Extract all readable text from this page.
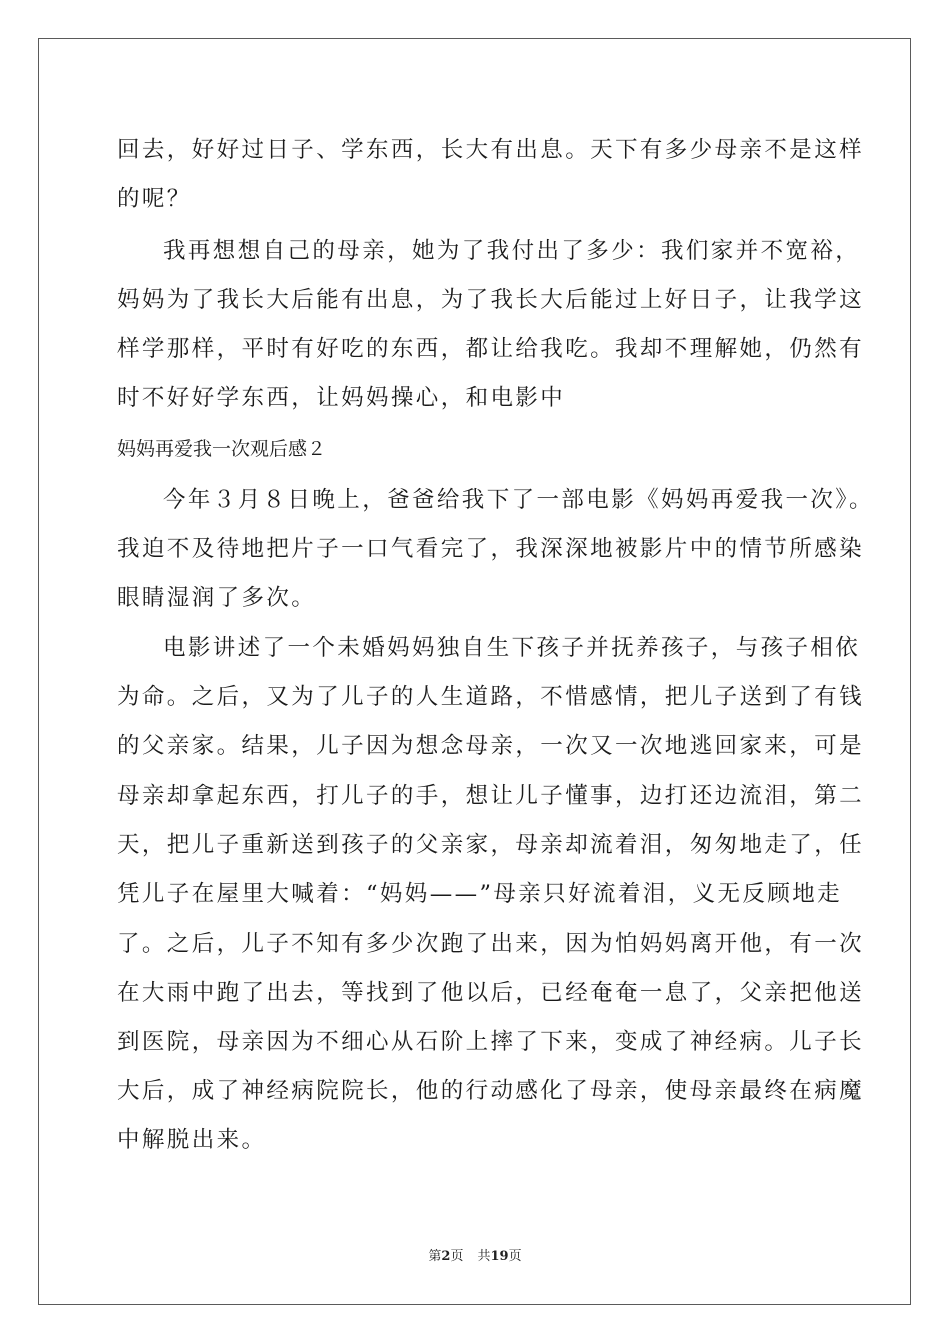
回去，好好过日子、学东西，长大有出息。天下有多少母亲不是这样
的呢？
我再想想自己的母亲，她为了我付出了多少：我们家并不宽裕，
妈妈为了我长大后能有出息，为了我长大后能过上好日子，让我学这
样学那样，平时有好吃的东西，都让给我吃。我却不理解她，仍然有
时不好好学东西，让妈妈操心，和电影中
妈妈再爱我一次观后感２
今年３月８日晚上，爸爸给我下了一部电影《妈妈再爱我一次》。
我迫不及待地把片子一口气看完了，我深深地被影片中的情节所感染
眼睛湿润了多次。
电影讲述了一个未婚妈妈独自生下孩子并抚养孩子，与孩子相依
为命。之后，又为了儿子的人生道路，不惜感情，把儿子送到了有钱
的父亲家。结果，儿子因为想念母亲，一次又一次地逃回家来，可是
母亲却拿起东西，打儿子的手，想让儿子懂事，边打还边流泪，第二
天，把儿子重新送到孩子的父亲家，母亲却流着泪，匆匆地走了，任
凭儿子在屋里大喊着：“妈妈——”母亲只好流着泪，义无反顾地走
了。之后，儿子不知有多少次跑了出来，因为怕妈妈离开他，有一次
在大雨中跑了出去，等找到了他以后，已经奄奄一息了，父亲把他送
到医院，母亲因为不细心从石阶上摔了下来，变成了神经病。儿子长
大后，成了神经病院院长，他的行动感化了母亲，使母亲最终在病魔
中解脱出来。
第2页 共19页
